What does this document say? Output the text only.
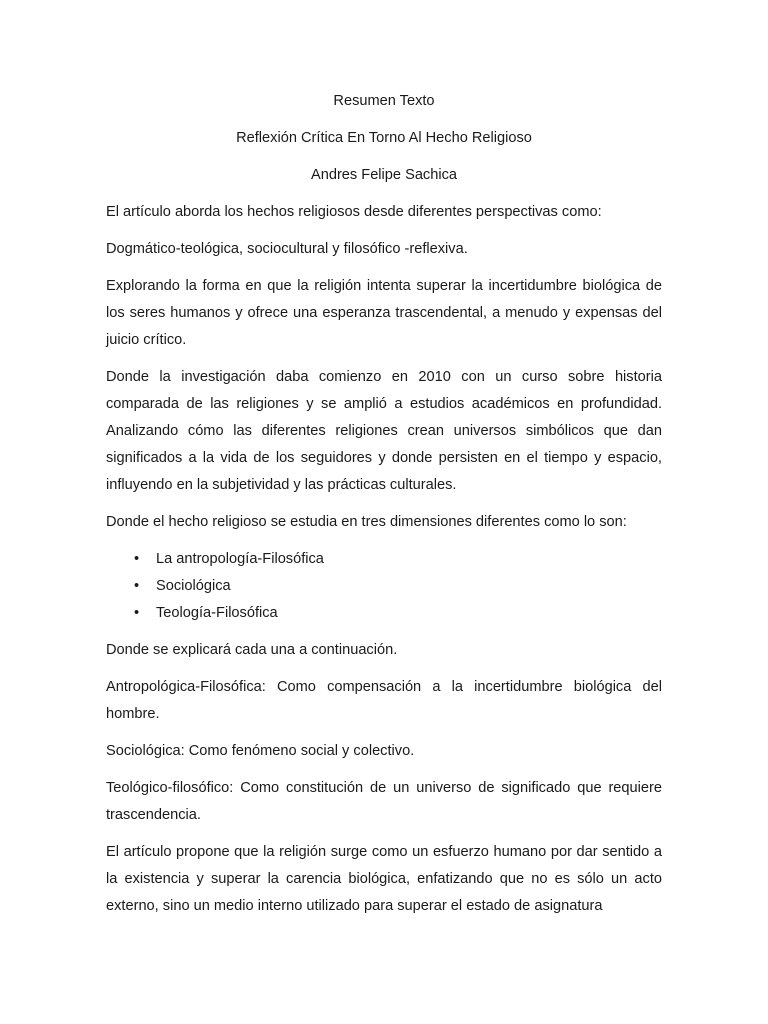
Resumen Texto
Reflexión Crítica En Torno Al Hecho Religioso
Andres Felipe Sachica

El artículo aborda los hechos religiosos desde diferentes perspectivas como:

Dogmático-teológica, sociocultural y filosófico -reflexiva.

Explorando la forma en que la religión intenta superar la incertidumbre biológica de los seres humanos y ofrece una esperanza trascendental, a menudo y expensas del juicio crítico.

Donde la investigación daba comienzo en 2010 con un curso sobre historia comparada de las religiones y se amplió a estudios académicos en profundidad. Analizando cómo las diferentes religiones crean universos simbólicos que dan significados a la vida de los seguidores y donde persisten en el tiempo y espacio, influyendo en la subjetividad y las prácticas culturales.

Donde el hecho religioso se estudia en tres dimensiones diferentes como lo son:

• La antropología-Filosófica
• Sociológica
• Teología-Filosófica

Donde se explicará cada una a continuación.

Antropológica-Filosófica: Como compensación a la incertidumbre biológica del hombre.

Sociológica: Como fenómeno social y colectivo.

Teológico-filosófico: Como constitución de un universo de significado que requiere trascendencia.

El artículo propone que la religión surge como un esfuerzo humano por dar sentido a la existencia y superar la carencia biológica, enfatizando que no es sólo un acto externo, sino un medio interno utilizado para superar el estado de asignatura
